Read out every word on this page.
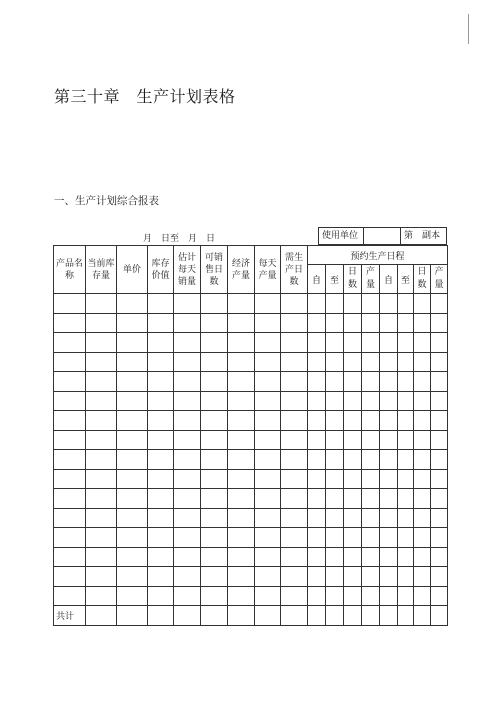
第三十章　生产计划表格
一、生产计划综合报表
月　日至　月　日	使用单位	第　副本
产品名称	当前库存量	单价	库存价值	估计每天销量	可销售日数	经济产量	每天产量	需生产日数	预约生产日程							
									自	至	日数	产量	自	至	日数	产量

共计																
